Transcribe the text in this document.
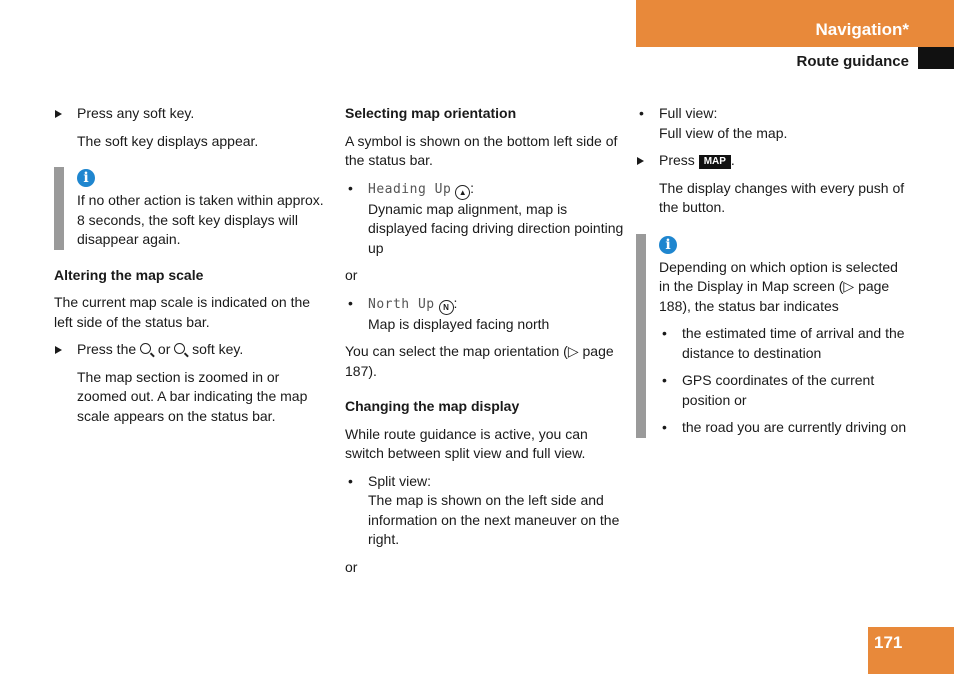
Navigation*
Route guidance
Press any soft key.

The soft key displays appear.

i
If no other action is taken within approx. 8 seconds, the soft key displays will disappear again.
Altering the map scale

The current map scale is indicated on the left side of the status bar.

Press the or soft key.

The map section is zoomed in or zoomed out. A bar indicating the map scale appears on the status bar.

Selecting map orientation

A symbol is shown on the bottom left side of the status bar.

• Heading Up ▲ :
Dynamic map alignment, map is displayed facing driving direction pointing up

or

• North Up N :
Map is displayed facing north

You can select the map orientation (▷ page 187).

Changing the map display

While route guidance is active, you can switch between split view and full view.

• Split view:
The map is shown on the left side and information on the next maneuver on the right.

or

• Full view:
Full view of the map.
Press MAP .

The display changes with every push of the button.

i

Depending on which option is selected in the Display in Map screen (▷ page 188), the status bar indicates

• the estimated time of arrival and the distance to destination
• GPS coordinates of the current position or
• the road you are currently driving on
171
